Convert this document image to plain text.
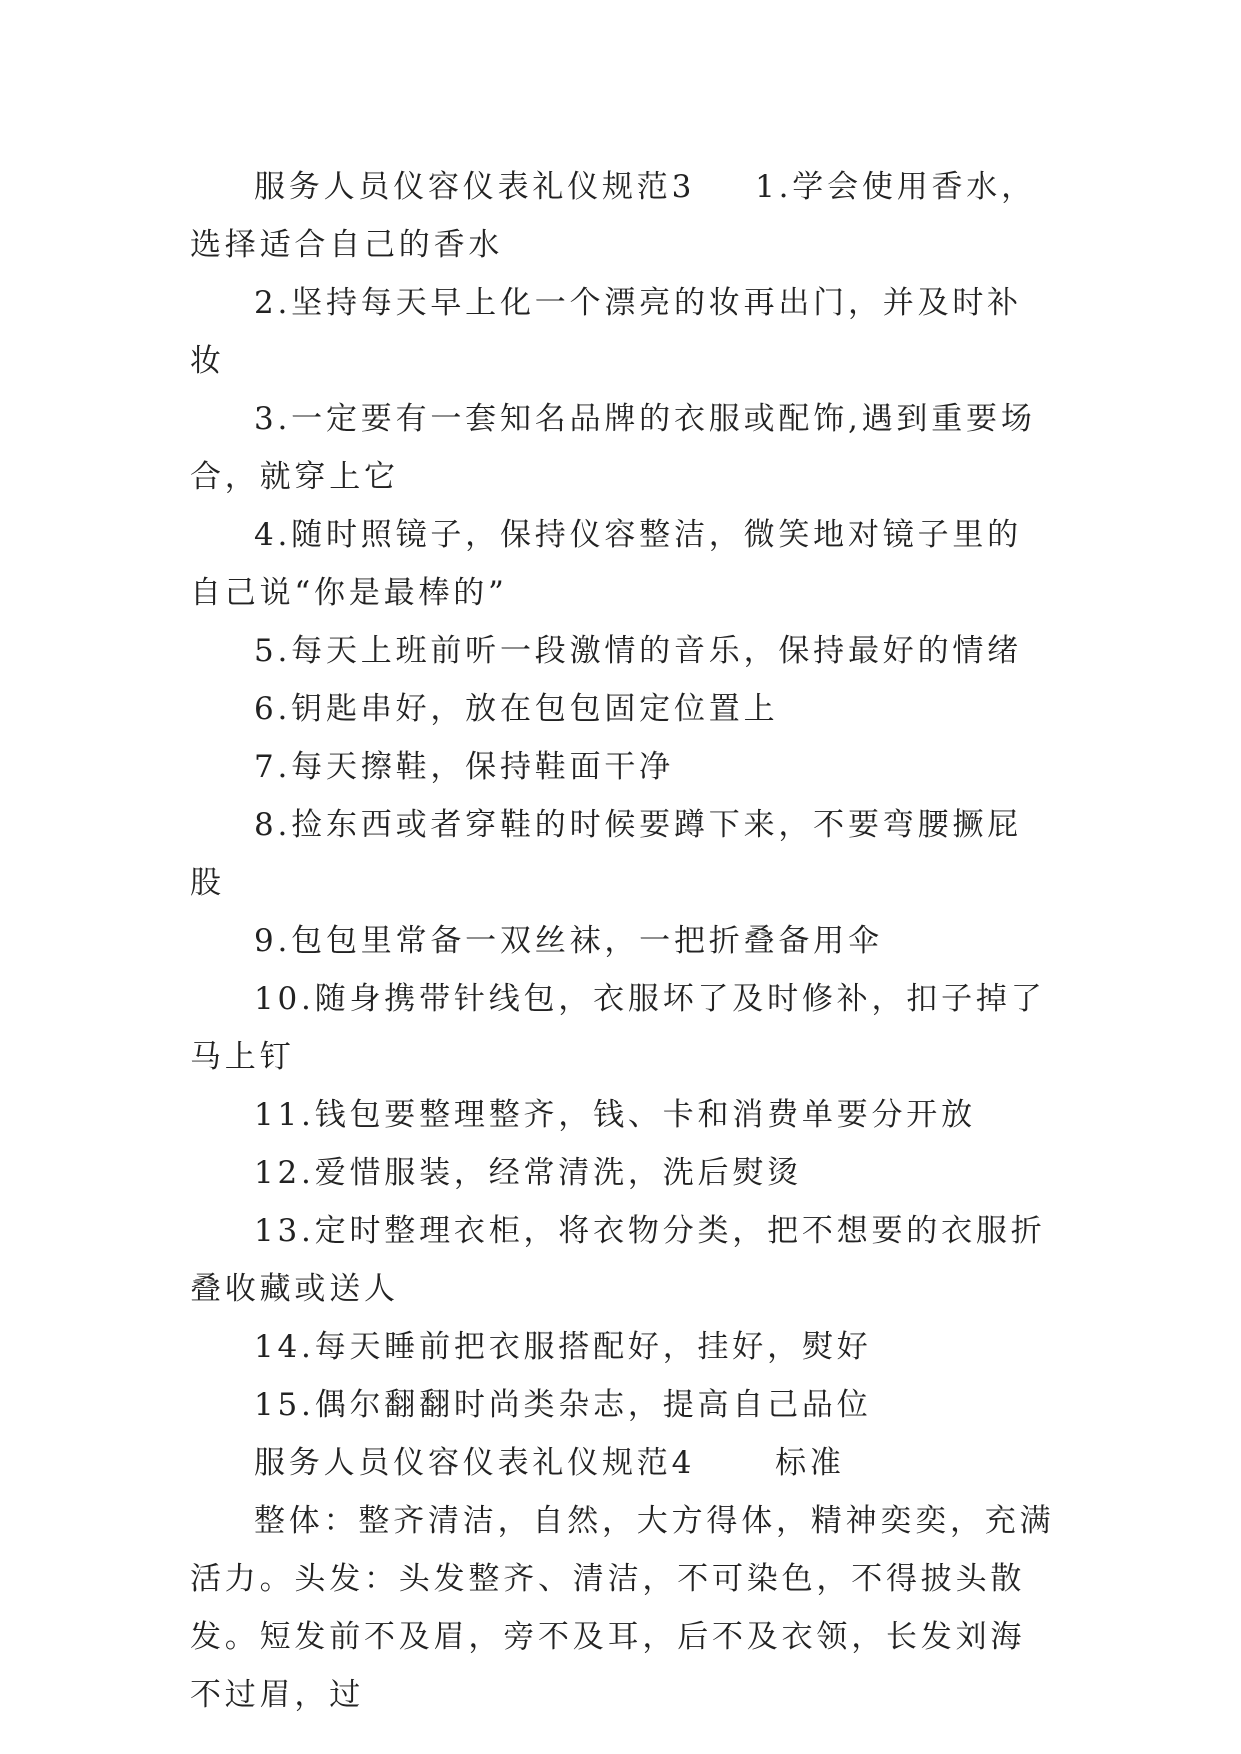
服务人员仪容仪表礼仪规范3 1.学会使用香水，选择适合自己的香水

2.坚持每天早上化一个漂亮的妆再出门，并及时补妆

3.一定要有一套知名品牌的衣服或配饰,遇到重要场合，就穿上它

4.随时照镜子，保持仪容整洁，微笑地对镜子里的自己说“你是最棒的”

5.每天上班前听一段激情的音乐，保持最好的情绪

6.钥匙串好，放在包包固定位置上

7.每天擦鞋，保持鞋面干净

8.捡东西或者穿鞋的时候要蹲下来，不要弯腰撅屁股

9.包包里常备一双丝袜，一把折叠备用伞

10.随身携带针线包，衣服坏了及时修补，扣子掉了马上钉

11.钱包要整理整齐，钱、卡和消费单要分开放

12.爱惜服装，经常清洗，洗后熨烫

13.定时整理衣柜，将衣物分类，把不想要的衣服折叠收藏或送人

14.每天睡前把衣服搭配好，挂好，熨好

15.偶尔翻翻时尚类杂志，提高自己品位

服务人员仪容仪表礼仪规范4	标准

整体：整齐清洁，自然，大方得体，精神奕奕，充满活力。头发：头发整齐、清洁，不可染色，不得披头散发。短发前不及眉，旁不及耳，后不及衣领，长发刘海不过眉，过
